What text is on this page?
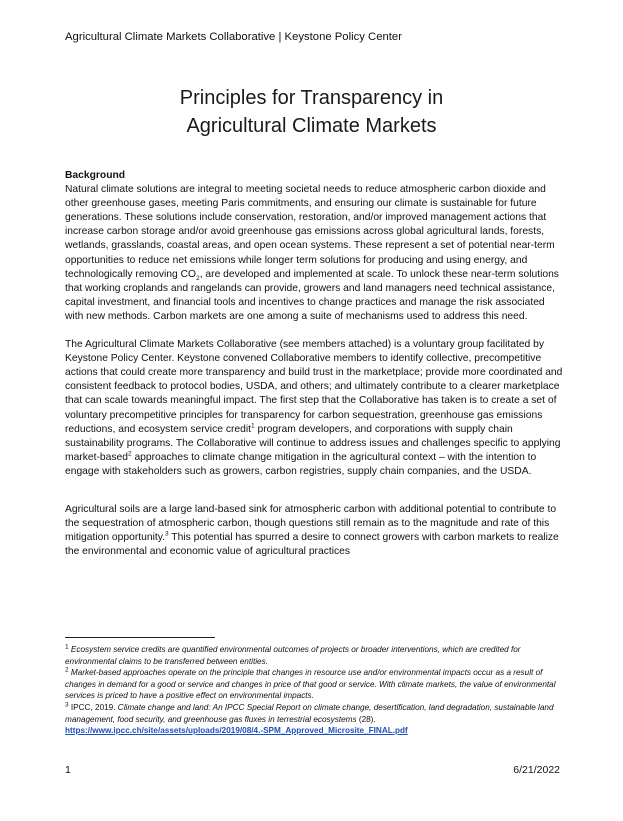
Agricultural Climate Markets Collaborative | Keystone Policy Center
Principles for Transparency in
Agricultural Climate Markets
Background

Natural climate solutions are integral to meeting societal needs to reduce atmospheric carbon dioxide and other greenhouse gases, meeting Paris commitments, and ensuring our climate is sustainable for future generations. These solutions include conservation, restoration, and/or improved management actions that increase carbon storage and/or avoid greenhouse gas emissions across global agricultural lands, forests, wetlands, grasslands, coastal areas, and open ocean systems. These represent a set of potential near-term opportunities to reduce net emissions while longer term solutions for producing and using energy, and technologically removing $CO_2$, are developed and implemented at scale. To unlock these near-term solutions that working croplands and rangelands can provide, growers and land managers need technical assistance, capital investment, and financial tools and incentives to change practices and manage the risk associated with new methods. Carbon markets are one among a suite of mechanisms used to address this need.

The Agricultural Climate Markets Collaborative (see members attached) is a voluntary group facilitated by Keystone Policy Center. Keystone convened Collaborative members to identify collective, precompetitive actions that could create more transparency and build trust in the marketplace; provide more coordinated and consistent feedback to protocol bodies, USDA, and others; and ultimately contribute to a clearer marketplace that can scale towards meaningful impact. The first step that the Collaborative has taken is to create a set of voluntary precompetitive principles for transparency for carbon sequestration, greenhouse gas emissions reductions, and ecosystem service credit$^1$ program developers, and corporations with supply chain sustainability programs. The Collaborative will continue to address issues and challenges specific to applying market-based$^2$ approaches to climate change mitigation in the agricultural context – with the intention to engage with stakeholders such as growers, carbon registries, supply chain companies, and the USDA.

Agricultural soils are a large land-based sink for atmospheric carbon with additional potential to contribute to the sequestration of atmospheric carbon, though questions still remain as to the magnitude and rate of this mitigation opportunity.$^3$ This potential has spurred a desire to connect growers with carbon markets to realize the environmental and economic value of agricultural practices

$^1$ Ecosystem service credits are quantified environmental outcomes of projects or broader interventions, which are credited for environmental claims to be transferred between entities.
$^2$ Market-based approaches operate on the principle that changes in resource use and/or environmental impacts occur as a result of changes in demand for a good or service and changes in price of that good or service. With climate markets, the value of environmental services is priced to have a positive effect on environmental impacts.
$^3$ IPCC, 2019. Climate change and land: An IPCC Special Report on climate change, desertification, land degradation, sustainable land management, food security, and greenhouse gas fluxes in terrestrial ecosystems (28).
https://www.ipcc.ch/site/assets/uploads/2019/08/4.-SPM_Approved_Microsite_FINAL.pdf
1	6/21/2022
